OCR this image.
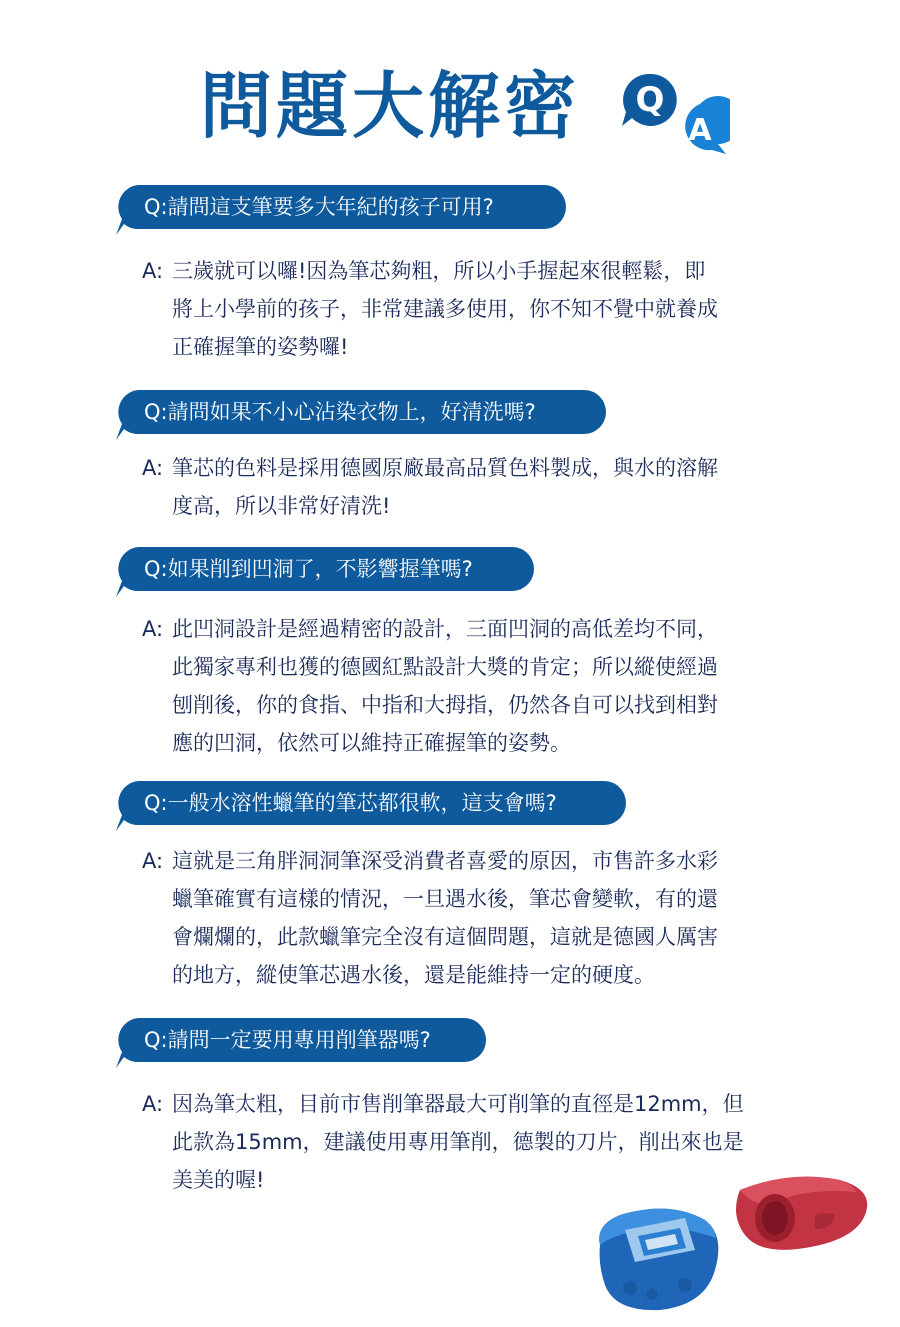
問題大解密 Q
A
Q:請問這支筆要多大年紀的孩子可用?
A: 三歲就可以囉!因為筆芯夠粗，所以小手握起來很輕鬆，即
將上小學前的孩子，非常建議多使用，你不知不覺中就養成
正確握筆的姿勢囉!
Q:請問如果不小心沾染衣物上，好清洗嗎?
A: 筆芯的色料是採用德國原廠最高品質色料製成，與水的溶解
度高，所以非常好清洗!
Q:如果削到凹洞了，不影響握筆嗎?
A: 此凹洞設計是經過精密的設計，三面凹洞的高低差均不同，
此獨家專利也獲的德國紅點設計大獎的肯定；所以縱使經過
刨削後，你的食指、中指和大拇指，仍然各自可以找到相對
應的凹洞，依然可以維持正確握筆的姿勢。
Q:一般水溶性蠟筆的筆芯都很軟，這支會嗎?
A: 這就是三角胖洞洞筆深受消費者喜愛的原因，市售許多水彩
蠟筆確實有這樣的情況，一旦遇水後，筆芯會變軟，有的還
會爛爛的，此款蠟筆完全沒有這個問題，這就是德國人厲害
的地方，縱使筆芯遇水後，還是能維持一定的硬度。
Q:請問一定要用專用削筆器嗎?
A: 因為筆太粗，目前市售削筆器最大可削筆的直徑是12mm，但
此款為15mm，建議使用專用筆削，德製的刀片，削出來也是
美美的喔!
